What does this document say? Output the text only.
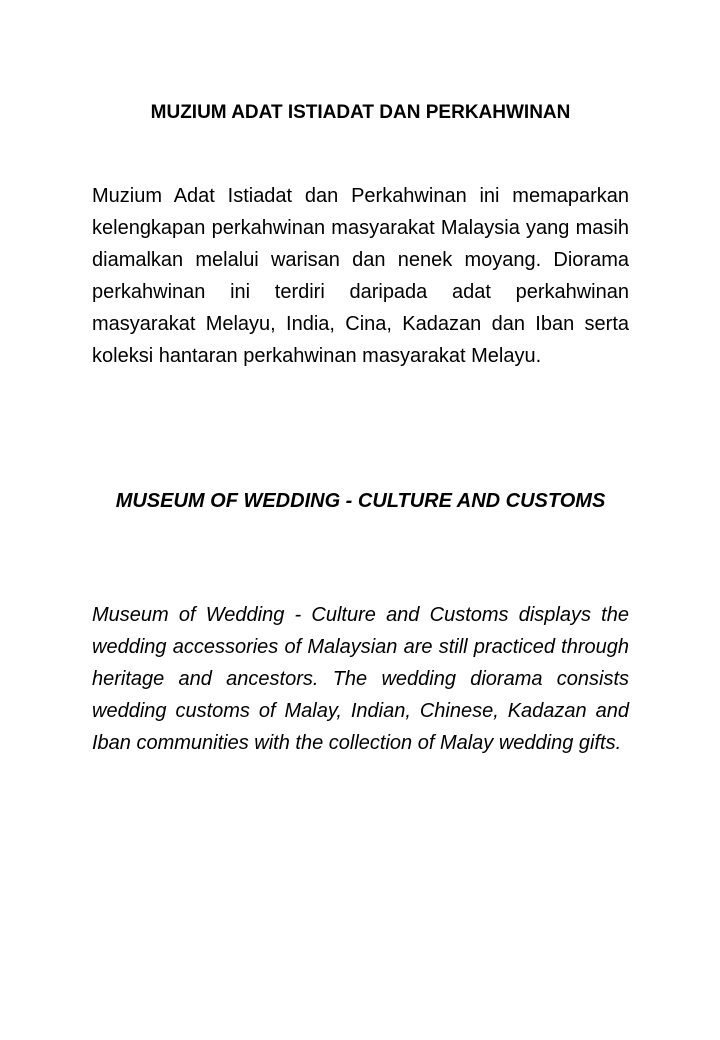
MUZIUM ADAT ISTIADAT DAN PERKAHWINAN

Muzium Adat Istiadat dan Perkahwinan ini memaparkan kelengkapan perkahwinan masyarakat Malaysia yang masih diamalkan melalui warisan dan nenek moyang. Diorama perkahwinan ini terdiri daripada adat perkahwinan masyarakat Melayu, India, Cina, Kadazan dan Iban serta koleksi hantaran perkahwinan masyarakat Melayu.

MUSEUM OF WEDDING - CULTURE AND CUSTOMS

Museum of Wedding - Culture and Customs displays the wedding accessories of Malaysian are still practiced through heritage and ancestors. The wedding diorama consists wedding customs of Malay, Indian, Chinese, Kadazan and Iban communities with the collection of Malay wedding gifts.
